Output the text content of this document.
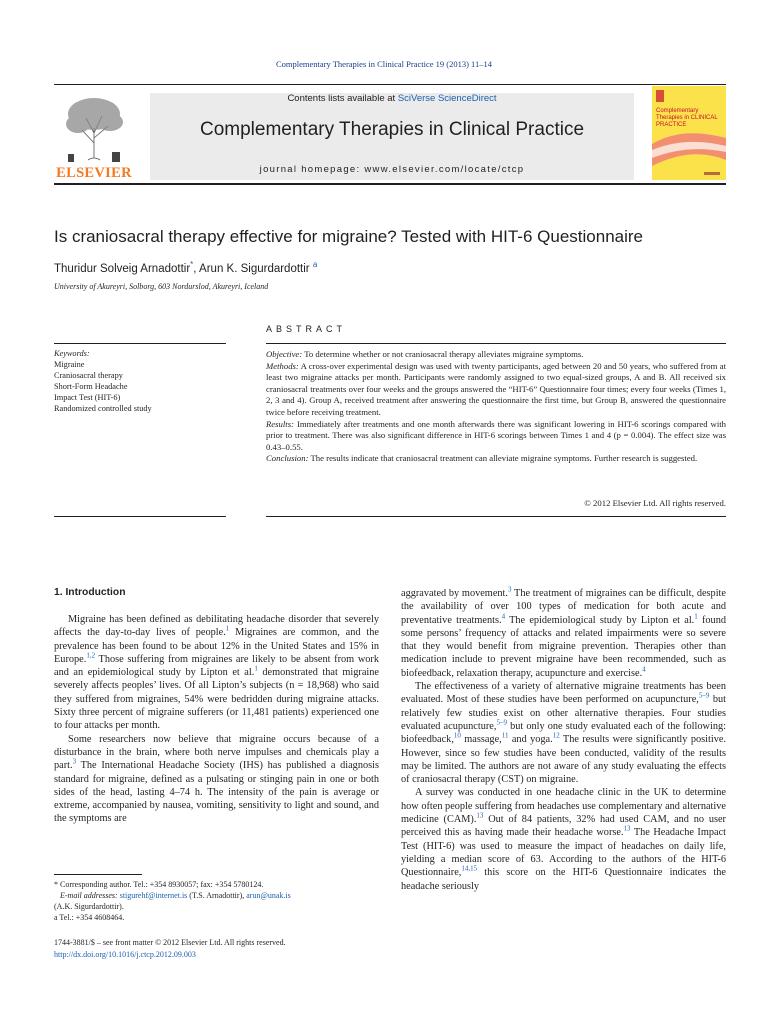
Complementary Therapies in Clinical Practice 19 (2013) 11–14
ELSEVIER
Contents lists available at SciVerse ScienceDirect
Complementary Therapies in Clinical Practice
journal homepage: www.elsevier.com/locate/ctcp
Complementary Therapies in CLINICAL PRACTICE
Is craniosacral therapy effective for migraine? Tested with HIT-6 Questionnaire
Thuridur Solveig Arnadottir*, Arun K. Sigurdardottir $^a$
University of Akureyri, Solborg, 603 Nordurslod, Akureyri, Iceland
Keywords:
Migraine
Craniosacral therapy
Short-Form Headache
Impact Test (HIT-6)
Randomized controlled study
ABSTRACT

Objective: To determine whether or not craniosacral therapy alleviates migraine symptoms.

Methods: A cross-over experimental design was used with twenty participants, aged between 20 and 50 years, who suffered from at least two migraine attacks per month. Participants were randomly assigned to two equal-sized groups, A and B. All received six craniosacral treatments over four weeks and the groups answered the “HIT-6” Questionnaire four times; every four weeks (Times 1, 2, 3 and 4). Group A, received treatment after answering the questionnaire the first time, but Group B, answered the questionnaire twice before receiving treatment.

Results: Immediately after treatments and one month afterwards there was significant lowering in HIT-6 scorings compared with prior to treatment. There was also significant difference in HIT-6 scorings between Times 1 and 4 (p = 0.004). The effect size was 0.43–0.55.

Conclusion: The results indicate that craniosacral treatment can alleviate migraine symptoms. Further research is suggested.

© 2012 Elsevier Ltd. All rights reserved.
1. Introduction

Migraine has been defined as debilitating headache disorder that severely affects the day-to-day lives of people.$^1$ Migraines are common, and the prevalence has been found to be about 12% in the United States and 15% in Europe.$^{1,2}$ Those suffering from migraines are likely to be absent from work and an epidemiological study by Lipton et al.$^1$ demonstrated that migraine severely affects peoples’ lives. Of all Lipton’s subjects (n = 18,968) who said they suffered from migraines, 54% were bedridden during migraine attacks. Sixty three percent of migraine sufferers (or 11,481 patients) experienced one to four attacks per month.

Some researchers now believe that migraine occurs because of a disturbance in the brain, where both nerve impulses and chemicals play a part.$^3$ The International Headache Society (IHS) has published a diagnosis standard for migraine, defined as a pulsating or stinging pain in one or both sides of the head, lasting 4–74 h. The intensity of the pain is average or extreme, accompanied by nausea, vomiting, sensitivity to light and sound, and the symptoms are

aggravated by movement.$^3$ The treatment of migraines can be difficult, despite the availability of over 100 types of medication for both acute and preventative treatments.$^4$ The epidemiological study by Lipton et al.$^1$ found some persons’ frequency of attacks and related impairments were so severe that they would benefit from migraine prevention. Therapies other than medication include to prevent migraine have been recommended, such as biofeedback, relaxation therapy, acupuncture and exercise.$^4$

The effectiveness of a variety of alternative migraine treatments has been evaluated. Most of these studies have been performed on acupuncture,$^{5-9}$ but relatively few studies exist on other alternative therapies. Four studies evaluated acupuncture,$^{5-9}$ but only one study evaluated each of the following: biofeedback,$^{10}$ massage,$^{11}$ and yoga.$^{12}$ The results were significantly positive. However, since so few studies have been conducted, validity of the results may be limited. The authors are not aware of any study evaluating the effects of craniosacral therapy (CST) on migraine.

A survey was conducted in one headache clinic in the UK to determine how often people suffering from headaches use complementary and alternative medicine (CAM).$^{13}$ Out of 84 patients, 32% had used CAM, and no user perceived this as having made their headache worse.$^{13}$ The Headache Impact Test (HIT-6) was used to measure the impact of headaches on daily life, yielding a median score of 63. According to the authors of the HIT-6 Questionnaire,$^{14,15}$ this score on the HIT-6 Questionnaire indicates the headache seriously

* Corresponding author. Tel.: +354 8930057; fax: +354 5780124.

E-mail addresses: stigurehf@internet.is (T.S. Arnadottir), arun@unak.is

(A.K. Sigurdardottir).

a Tel.: +354 4608464.

1744-3881/$ – see front matter © 2012 Elsevier Ltd. All rights reserved.
http://dx.doi.org/10.1016/j.ctcp.2012.09.003
